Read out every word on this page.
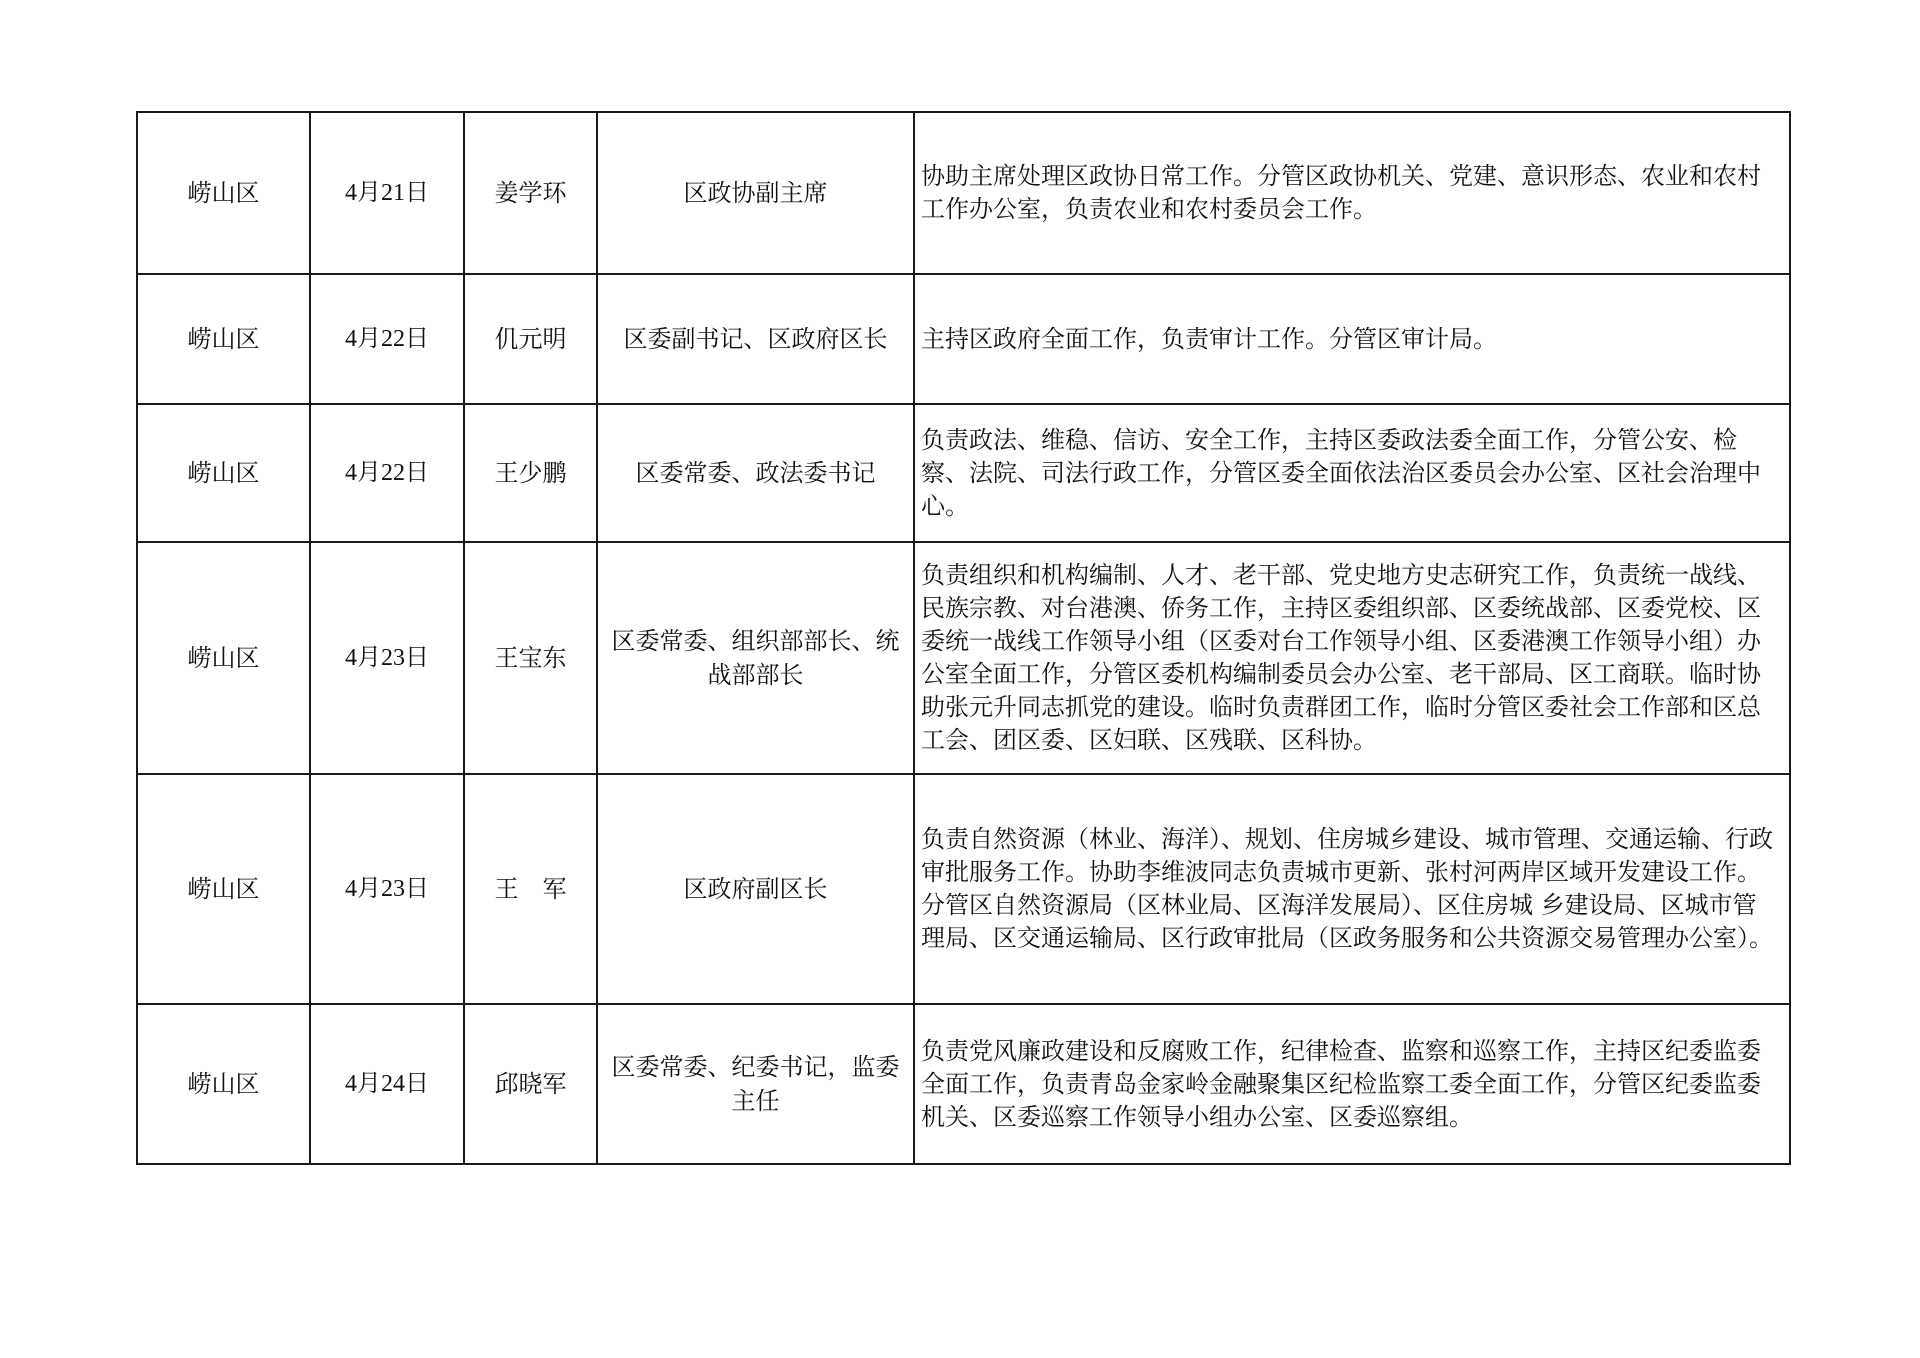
崂山区	4月21日	姜学环	区政协副主席	协助主席处理区政协日常工作。分管区政协机关、党建、意识形态、农业和农村工作办公室，负责农业和农村委员会工作。
崂山区	4月22日	仉元明	区委副书记、区政府区长	主持区政府全面工作，负责审计工作。分管区审计局。
崂山区	4月22日	王少鹏	区委常委、政法委书记	负责政法、维稳、信访、安全工作，主持区委政法委全面工作，分管公安、检察、法院、司法行政工作，分管区委全面依法治区委员会办公室、区社会治理中心。
崂山区	4月23日	王宝东	区委常委、组织部部长、统战部部长	负责组织和机构编制、人才、老干部、党史地方史志研究工作，负责统一战线、民族宗教、对台港澳、侨务工作，主持区委组织部、区委统战部、区委党校、区委统一战线工作领导小组（区委对台工作领导小组、区委港澳工作领导小组）办公室全面工作，分管区委机构编制委员会办公室、老干部局、区工商联。临时协助张元升同志抓党的建设。临时负责群团工作，临时分管区委社会工作部和区总工会、团区委、区妇联、区残联、区科协。
崂山区	4月23日	王　军	区政府副区长	负责自然资源（林业、海洋）、规划、住房城乡建设、城市管理、交通运输、行政审批服务工作。协助李维波同志负责城市更新、张村河两岸区域开发建设工作。分管区自然资源局（区林业局、区海洋发展局）、区住房城 乡建设局、区城市管理局、区交通运输局、区行政审批局（区政务服务和公共资源交易管理办公室）。
崂山区	4月24日	邱晓军	区委常委、纪委书记，监委主任	负责党风廉政建设和反腐败工作，纪律检查、监察和巡察工作，主持区纪委监委全面工作，负责青岛金家岭金融聚集区纪检监察工委全面工作，分管区纪委监委机关、区委巡察工作领导小组办公室、区委巡察组。
